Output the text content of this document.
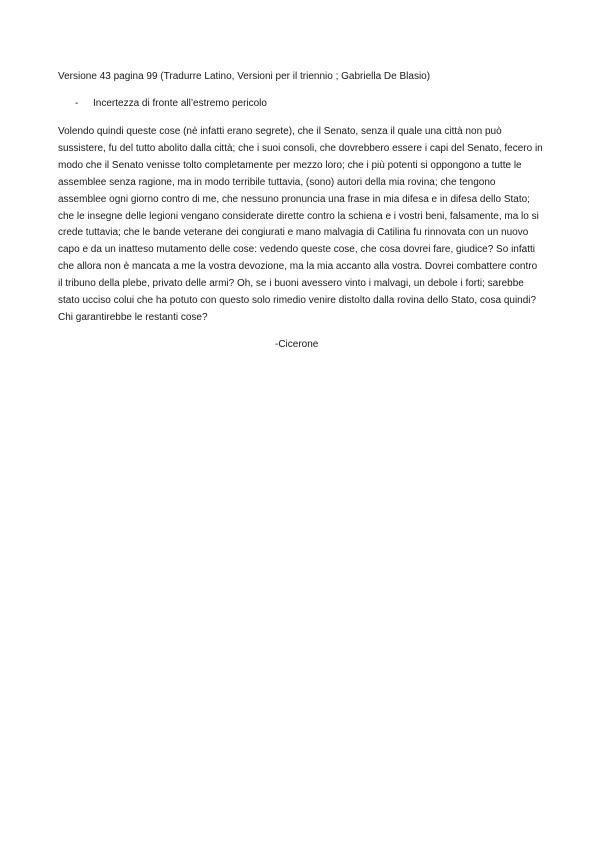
Versione 43 pagina 99 (Tradurre Latino, Versioni per il triennio ; Gabriella De Blasio)

-	Incertezza di fronte all’estremo pericolo

Volendo quindi queste cose (nè infatti erano segrete), che il Senato, senza il quale una città non può sussistere, fu del tutto abolito dalla città; che i suoi consoli, che dovrebbero essere i capi del Senato, fecero in modo che il Senato venisse tolto completamente per mezzo loro; che i più potenti si oppongono a tutte le assemblee senza ragione, ma in modo terribile tuttavia, (sono) autori della mia rovina; che tengono assemblee ogni giorno contro di me, che nessuno pronuncia una frase in mia difesa e in difesa dello Stato; che le insegne delle legioni vengano considerate dirette contro la schiena e i vostri beni, falsamente, ma lo si crede tuttavia; che le bande veterane dei congiurati e mano malvagia di Catilina fu rinnovata con un nuovo capo e da un inatteso mutamento delle cose: vedendo queste cose, che cosa dovrei fare, giudice? So infatti che allora non è mancata a me la vostra devozione, ma la mia accanto alla vostra. Dovrei combattere contro il tribuno della plebe, privato delle armi? Oh, se i buoni avessero vinto i malvagi, un debole i forti; sarebbe stato ucciso colui che ha potuto con questo solo rimedio venire distolto dalla rovina dello Stato, cosa quindi? Chi garantirebbe le restanti cose?

-Cicerone
